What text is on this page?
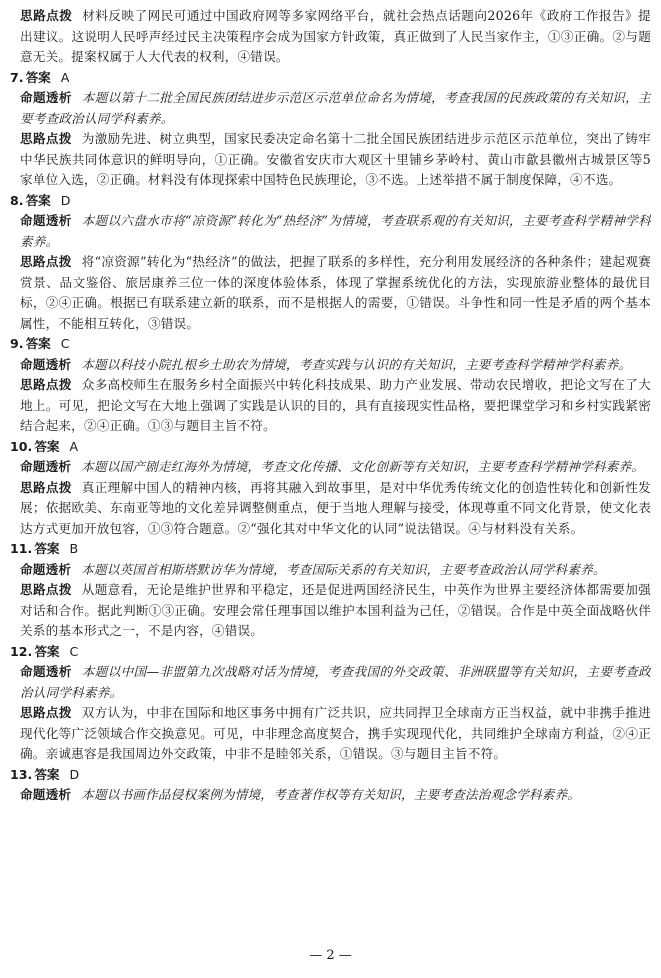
思路点拨 材料反映了网民可通过中国政府网等多家网络平台，就社会热点话题向2026年《政府工作报告》提出建议。这说明人民呼声经过民主决策程序会成为国家方针政策，真正做到了人民当家作主，①③正确。②与题意无关。提案权属于人大代表的权利，④错误。

7. 答案 A

命题透析 本题以第十二批全国民族团结进步示范区示范单位命名为情境，考查我国的民族政策的有关知识，主要考查政治认同学科素养。

思路点拨 为激励先进、树立典型，国家民委决定命名第十二批全国民族团结进步示范区示范单位，突出了铸牢中华民族共同体意识的鲜明导向，①正确。安徽省安庆市大观区十里铺乡茅岭村、黄山市歙县徽州古城景区等5家单位入选，②正确。材料没有体现探索中国特色民族理论，③不选。上述举措不属于制度保障，④不选。

8. 答案 D

命题透析 本题以六盘水市将“凉资源”转化为“热经济”为情境，考查联系观的有关知识，主要考查科学精神学科素养。

思路点拨 将“凉资源”转化为“热经济”的做法，把握了联系的多样性，充分利用发展经济的各种条件；建起观赛赏景、品文鉴俗、旅居康养三位一体的深度体验体系，体现了掌握系统优化的方法，实现旅游业整体的最优目标，②④正确。根据已有联系建立新的联系，而不是根据人的需要，①错误。斗争性和同一性是矛盾的两个基本属性，不能相互转化，③错误。

9. 答案 C

命题透析 本题以科技小院扎根乡土助农为情境，考查实践与认识的有关知识，主要考查科学精神学科素养。

思路点拨 众多高校师生在服务乡村全面振兴中转化科技成果、助力产业发展、带动农民增收，把论文写在了大地上。可见，把论文写在大地上强调了实践是认识的目的，具有直接现实性品格，要把课堂学习和乡村实践紧密结合起来，②④正确。①③与题目主旨不符。

10. 答案 A

命题透析 本题以国产剧走红海外为情境，考查文化传播、文化创新等有关知识，主要考查科学精神学科素养。

思路点拨 真正理解中国人的精神内核，再将其融入到故事里，是对中华优秀传统文化的创造性转化和创新性发展；依据欧美、东南亚等地的文化差异调整侧重点，便于当地人理解与接受，体现尊重不同文化背景，使文化表达方式更加开放包容，①③符合题意。②“强化其对中华文化的认同”说法错误。④与材料没有关系。

11. 答案 B

命题透析 本题以英国首相斯塔默访华为情境，考查国际关系的有关知识，主要考查政治认同学科素养。

思路点拨 从题意看，无论是维护世界和平稳定，还是促进两国经济民生，中英作为世界主要经济体都需要加强对话和合作。据此判断①③正确。安理会常任理事国以维护本国利益为己任，②错误。合作是中英全面战略伙伴关系的基本形式之一，不是内容，④错误。

12. 答案 C

命题透析 本题以中国—非盟第九次战略对话为情境，考查我国的外交政策、非洲联盟等有关知识，主要考查政治认同学科素养。

思路点拨 双方认为，中非在国际和地区事务中拥有广泛共识，应共同捍卫全球南方正当权益，就中非携手推进现代化等广泛领域合作交换意见。可见，中非理念高度契合，携手实现现代化，共同维护全球南方利益，②④正确。亲诚惠容是我国周边外交政策，中非不是睦邻关系，①错误。③与题目主旨不符。

13. 答案 D

命题透析 本题以书画作品侵权案例为情境，考查著作权等有关知识，主要考查法治观念学科素养。

— 2 —
